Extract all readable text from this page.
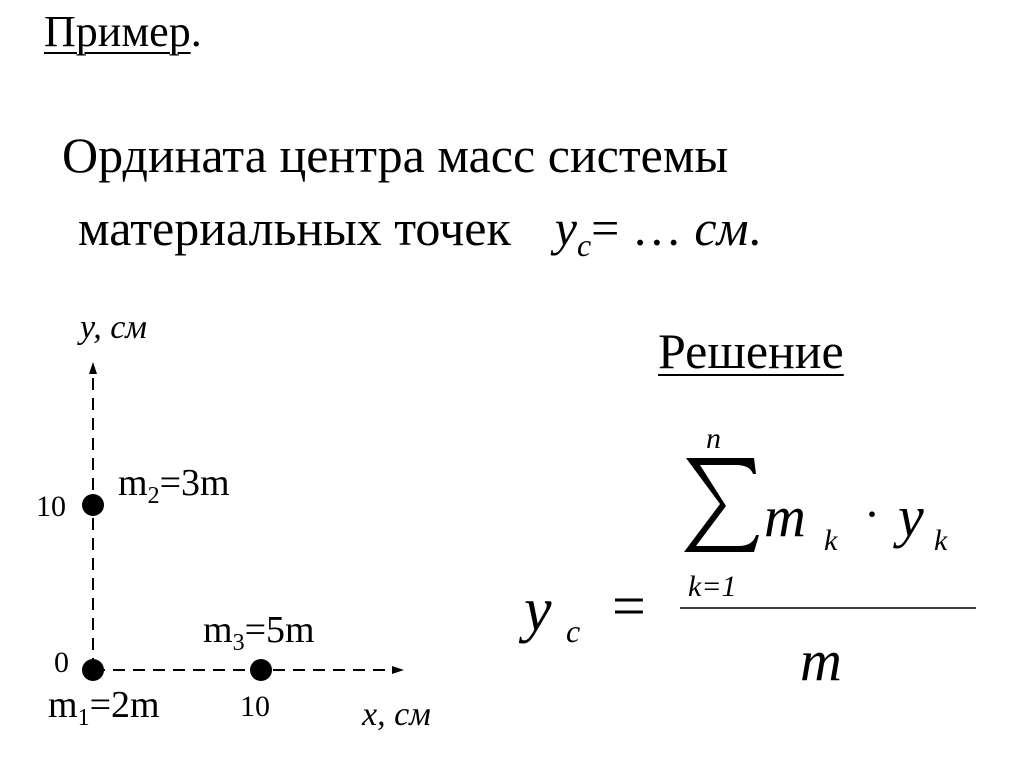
Пример.
Ордината центра масс системы
материальных точек $y_c=$ … см.
Решение
y, см
x, см
0
10
10
$m_1=2m$
$m_2=3m$
$m_3=5m$	y c =
n
k=1
m k · y k
m
